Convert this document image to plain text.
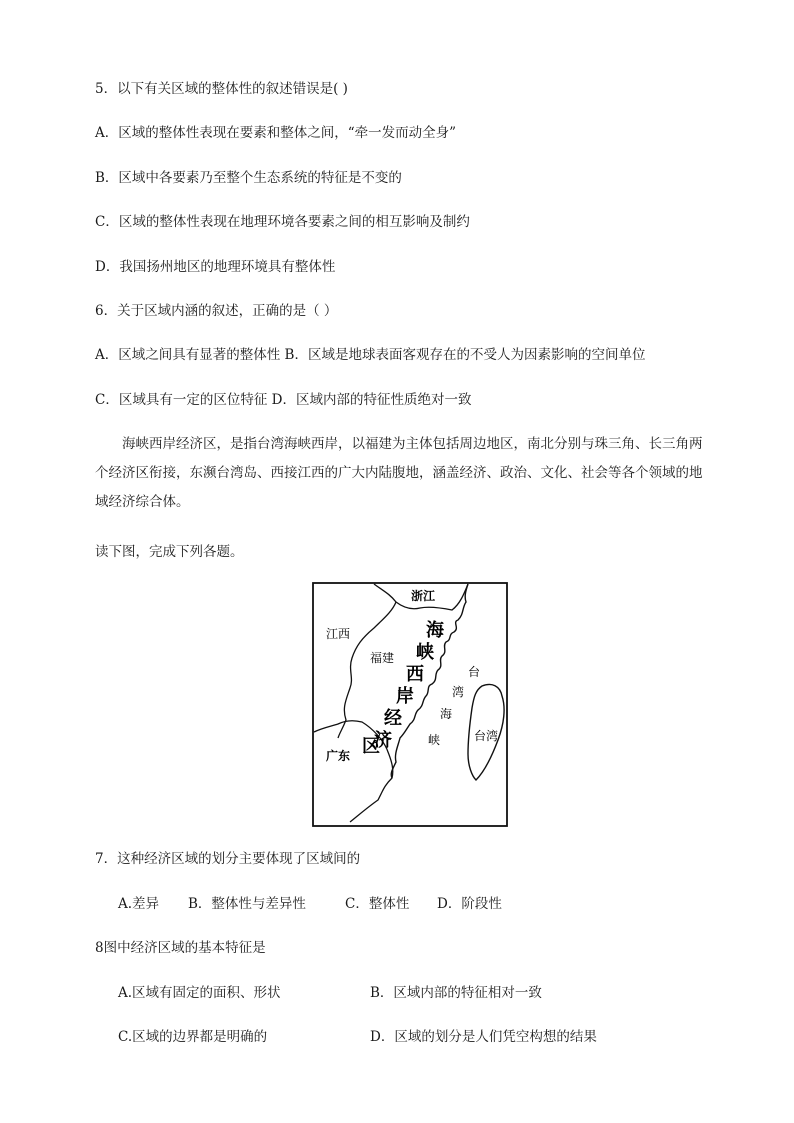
5．以下有关区域的整体性的叙述错误是( )
A．区域的整体性表现在要素和整体之间，“牵一发而动全身”
B．区域中各要素乃至整个生态系统的特征是不变的
C．区域的整体性表现在地理环境各要素之间的相互影响及制约
D．我国扬州地区的地理环境具有整体性
6．关于区域内涵的叙述，正确的是（ ）
A．区域之间具有显著的整体性 B．区域是地球表面客观存在的不受人为因素影响的空间单位
C．区域具有一定的区位特征 D．区域内部的特征性质绝对一致
海峡西岸经济区，是指台湾海峡西岸，以福建为主体包括周边地区，南北分别与珠三角、长三角两个经济区衔接，东濒台湾岛、西接江西的广大内陆腹地，涵盖经济、政治、文化、社会等各个领域的地域经济综合体。
读下图，完成下列各题。
浙江
江西
福建
广东
海
峡
西
岸
经
济
区
台
湾
海
峡	台湾
7．这种经济区域的划分主要体现了区域间的
A.差异 B．整体性与差异性	C．整体性 D．阶段性
8图中经济区域的基本特征是
A.区域有固定的面积、形状	B．区域内部的特征相对一致
C.区域的边界都是明确的	D．区域的划分是人们凭空构想的结果
